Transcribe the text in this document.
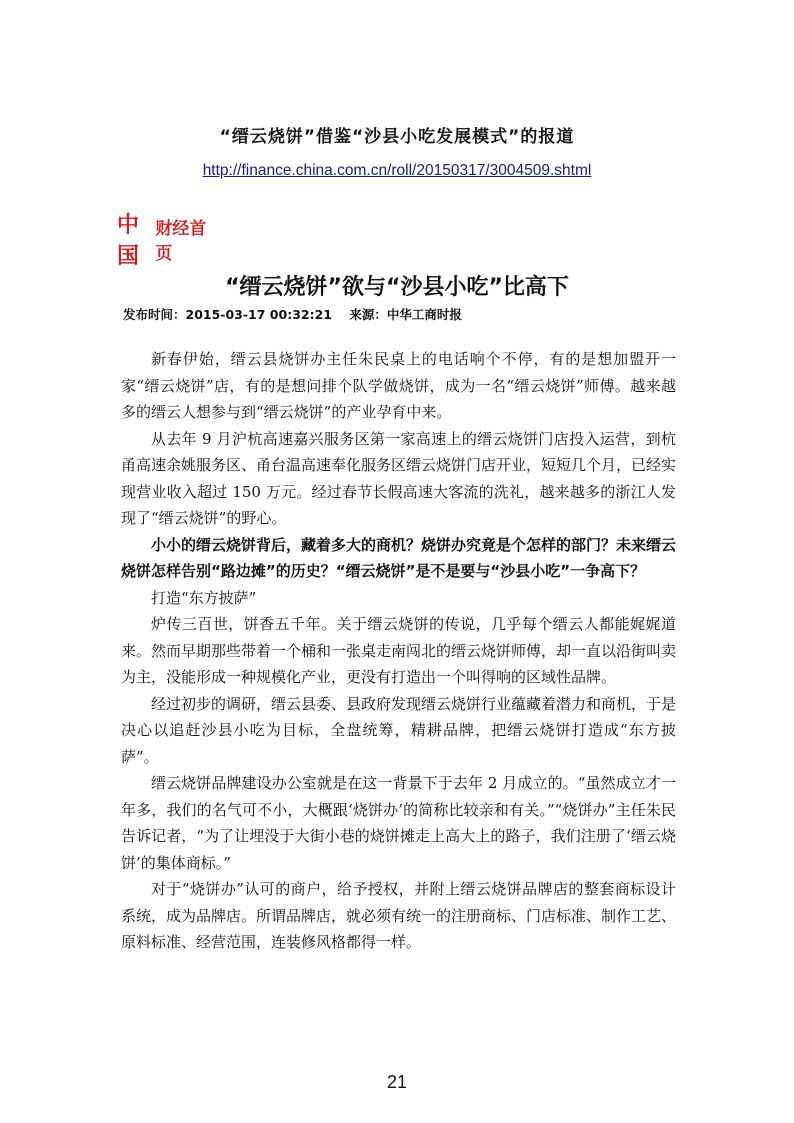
“缙云烧饼”借鉴“沙县小吃发展模式”的报道
http://finance.china.com.cn/roll/20150317/3004509.shtml
中国
财经首页
“缙云烧饼”欲与“沙县小吃”比高下
发布时间：2015-03-17 00:32:21    来源：中华工商时报

新春伊始，缙云县烧饼办主任朱民桌上的电话响个不停，有的是想加盟开一家“缙云烧饼”店，有的是想问排个队学做烧饼，成为一名“缙云烧饼”师傅。越来越多的缙云人想参与到“缙云烧饼”的产业孕育中来。

从去年 9 月沪杭高速嘉兴服务区第一家高速上的缙云烧饼门店投入运营，到杭甬高速余姚服务区、甬台温高速奉化服务区缙云烧饼门店开业，短短几个月，已经实现营业收入超过 150 万元。经过春节长假高速大客流的洗礼，越来越多的浙江人发现了“缙云烧饼”的野心。

小小的缙云烧饼背后，藏着多大的商机？烧饼办究竟是个怎样的部门？未来缙云烧饼怎样告别“路边摊”的历史？“缙云烧饼”是不是要与“沙县小吃”一争高下？

打造“东方披萨”

炉传三百世，饼香五千年。关于缙云烧饼的传说，几乎每个缙云人都能娓娓道来。然而早期那些带着一个桶和一张桌走南闯北的缙云烧饼师傅，却一直以沿街叫卖为主，没能形成一种规模化产业，更没有打造出一个叫得响的区域性品牌。

经过初步的调研，缙云县委、县政府发现缙云烧饼行业蕴藏着潜力和商机，于是决心以追赶沙县小吃为目标，全盘统筹，精耕品牌，把缙云烧饼打造成“东方披萨”。

缙云烧饼品牌建设办公室就是在这一背景下于去年 2 月成立的。“虽然成立才一年多，我们的名气可不小，大概跟‘烧饼办’的简称比较亲和有关。”“烧饼办”主任朱民告诉记者，“为了让埋没于大街小巷的烧饼摊走上高大上的路子，我们注册了‘缙云烧饼’的集体商标。”

对于“烧饼办”认可的商户，给予授权，并附上缙云烧饼品牌店的整套商标设计系统，成为品牌店。所谓品牌店，就必须有统一的注册商标、门店标准、制作工艺、原料标准、经营范围，连装修风格都得一样。

21
